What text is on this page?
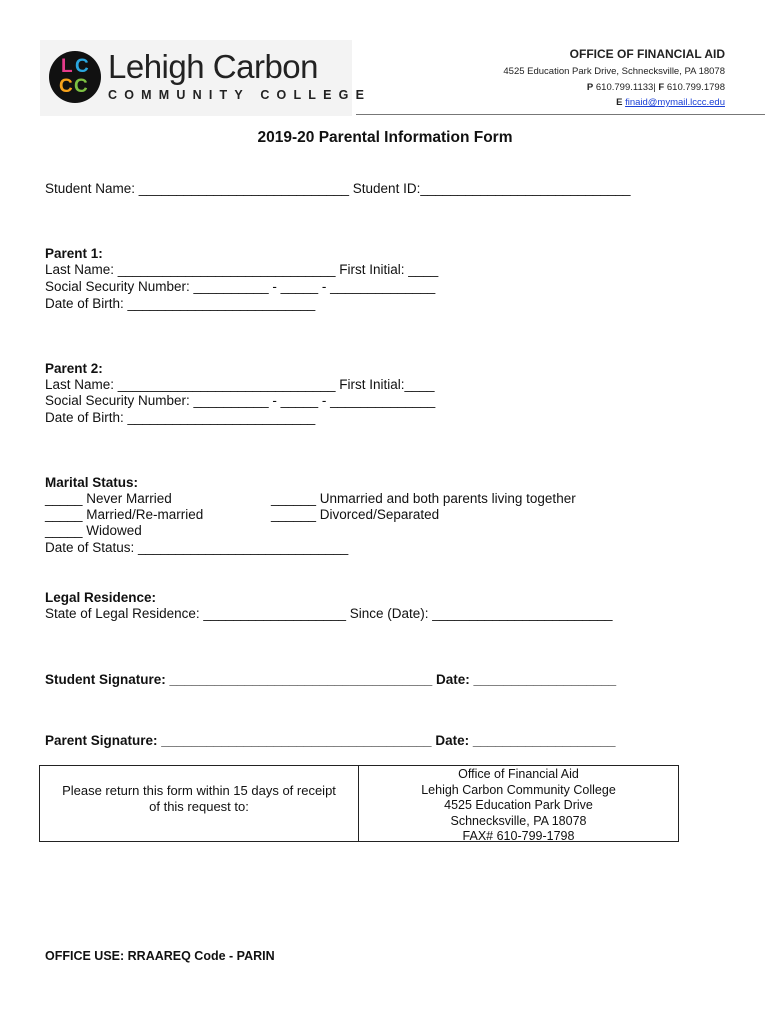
L C
C C
Lehigh Carbon
COMMUNITY COLLEGE
OFFICE OF FINANCIAL AID
4525 Education Park Drive, Schnecksville, PA 18078
P 610.799.1133| F 610.799.1798
E finaid@mymail.lccc.edu
2019-20 Parental Information Form
Student Name: ____________________________ Student ID:____________________________
Parent 1:
Last Name: _____________________________ First Initial: ____
Social Security Number: __________ - _____ - ______________
Date of Birth: _________________________
Parent 2:
Last Name: _____________________________ First Initial:____
Social Security Number: __________ - _____ - ______________
Date of Birth: _________________________
Marital Status:
_____ Never Married
_____ Married/Re-married
_____ Widowed
______ Unmarried and both parents living together
______ Divorced/Separated
Date of Status: ____________________________
Legal Residence:
State of Legal Residence: ___________________ Since (Date): ________________________
Student Signature: ___________________________________ Date: ___________________
Parent Signature: ____________________________________ Date: ___________________
Please return this form within 15 days of receipt
of this request to:
Office of Financial Aid
Lehigh Carbon Community College
4525 Education Park Drive
Schnecksville, PA 18078
FAX# 610-799-1798
OFFICE USE: RRAAREQ Code - PARIN
